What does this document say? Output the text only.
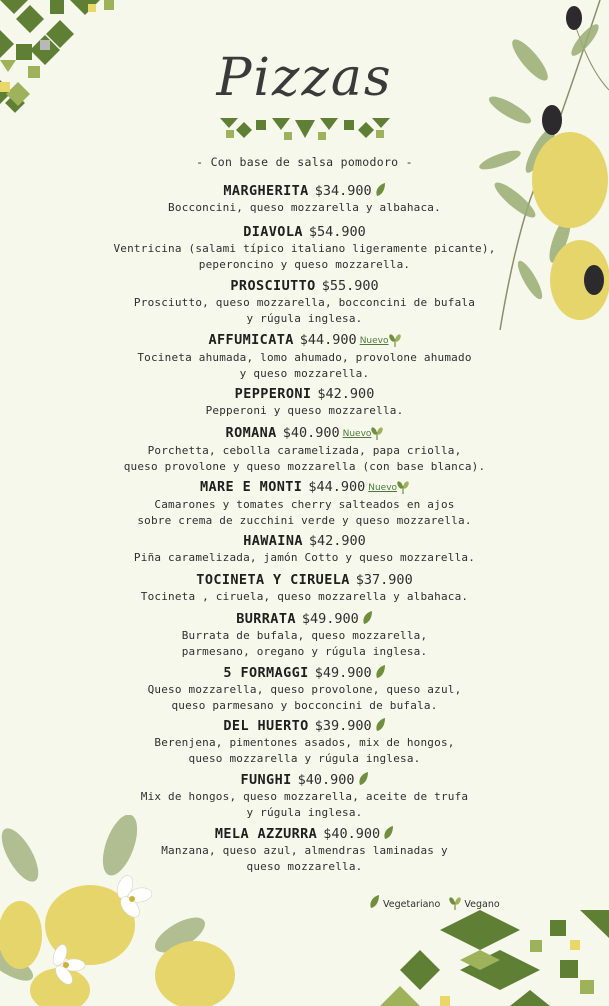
Pizzas
- Con base de salsa pomodoro -
MARGHERITA $34.900
Bocconcini, queso mozzarella y albahaca.
DIAVOLA $54.900
Ventricina (salami típico italiano ligeramente picante),
peperoncino y queso mozzarella.
PROSCIUTTO $55.900
Prosciutto, queso mozzarella, bocconcini de bufala
y rúgula inglesa.
AFFUMICATA $44.900 Nuevo
Tocineta ahumada, lomo ahumado, provolone ahumado
y queso mozzarella.
PEPPERONI $42.900
Pepperoni y queso mozzarella.
ROMANA $40.900 Nuevo
Porchetta, cebolla caramelizada, papa criolla,
queso provolone y queso mozzarella (con base blanca).
MARE E MONTI $44.900 Nuevo
Camarones y tomates cherry salteados en ajos
sobre crema de zucchini verde y queso mozzarella.
HAWAINA $42.900
Piña caramelizada, jamón Cotto y queso mozzarella.
TOCINETA Y CIRUELA $37.900
Tocineta , ciruela, queso mozzarella y albahaca.
BURRATA $49.900
Burrata de bufala, queso mozzarella,
parmesano, oregano y rúgula inglesa.
5 FORMAGGI $49.900
Queso mozzarella, queso provolone, queso azul,
queso parmesano y bocconcini de bufala.
DEL HUERTO $39.900
Berenjena, pimentones asados, mix de hongos,
queso mozzarella y rúgula inglesa.
FUNGHI $40.900
Mix de hongos, queso mozzarella, aceite de trufa
y rúgula inglesa.
MELA AZZURRA $40.900
Manzana, queso azul, almendras laminadas y
queso mozzarella.
Vegetariano	Vegano
